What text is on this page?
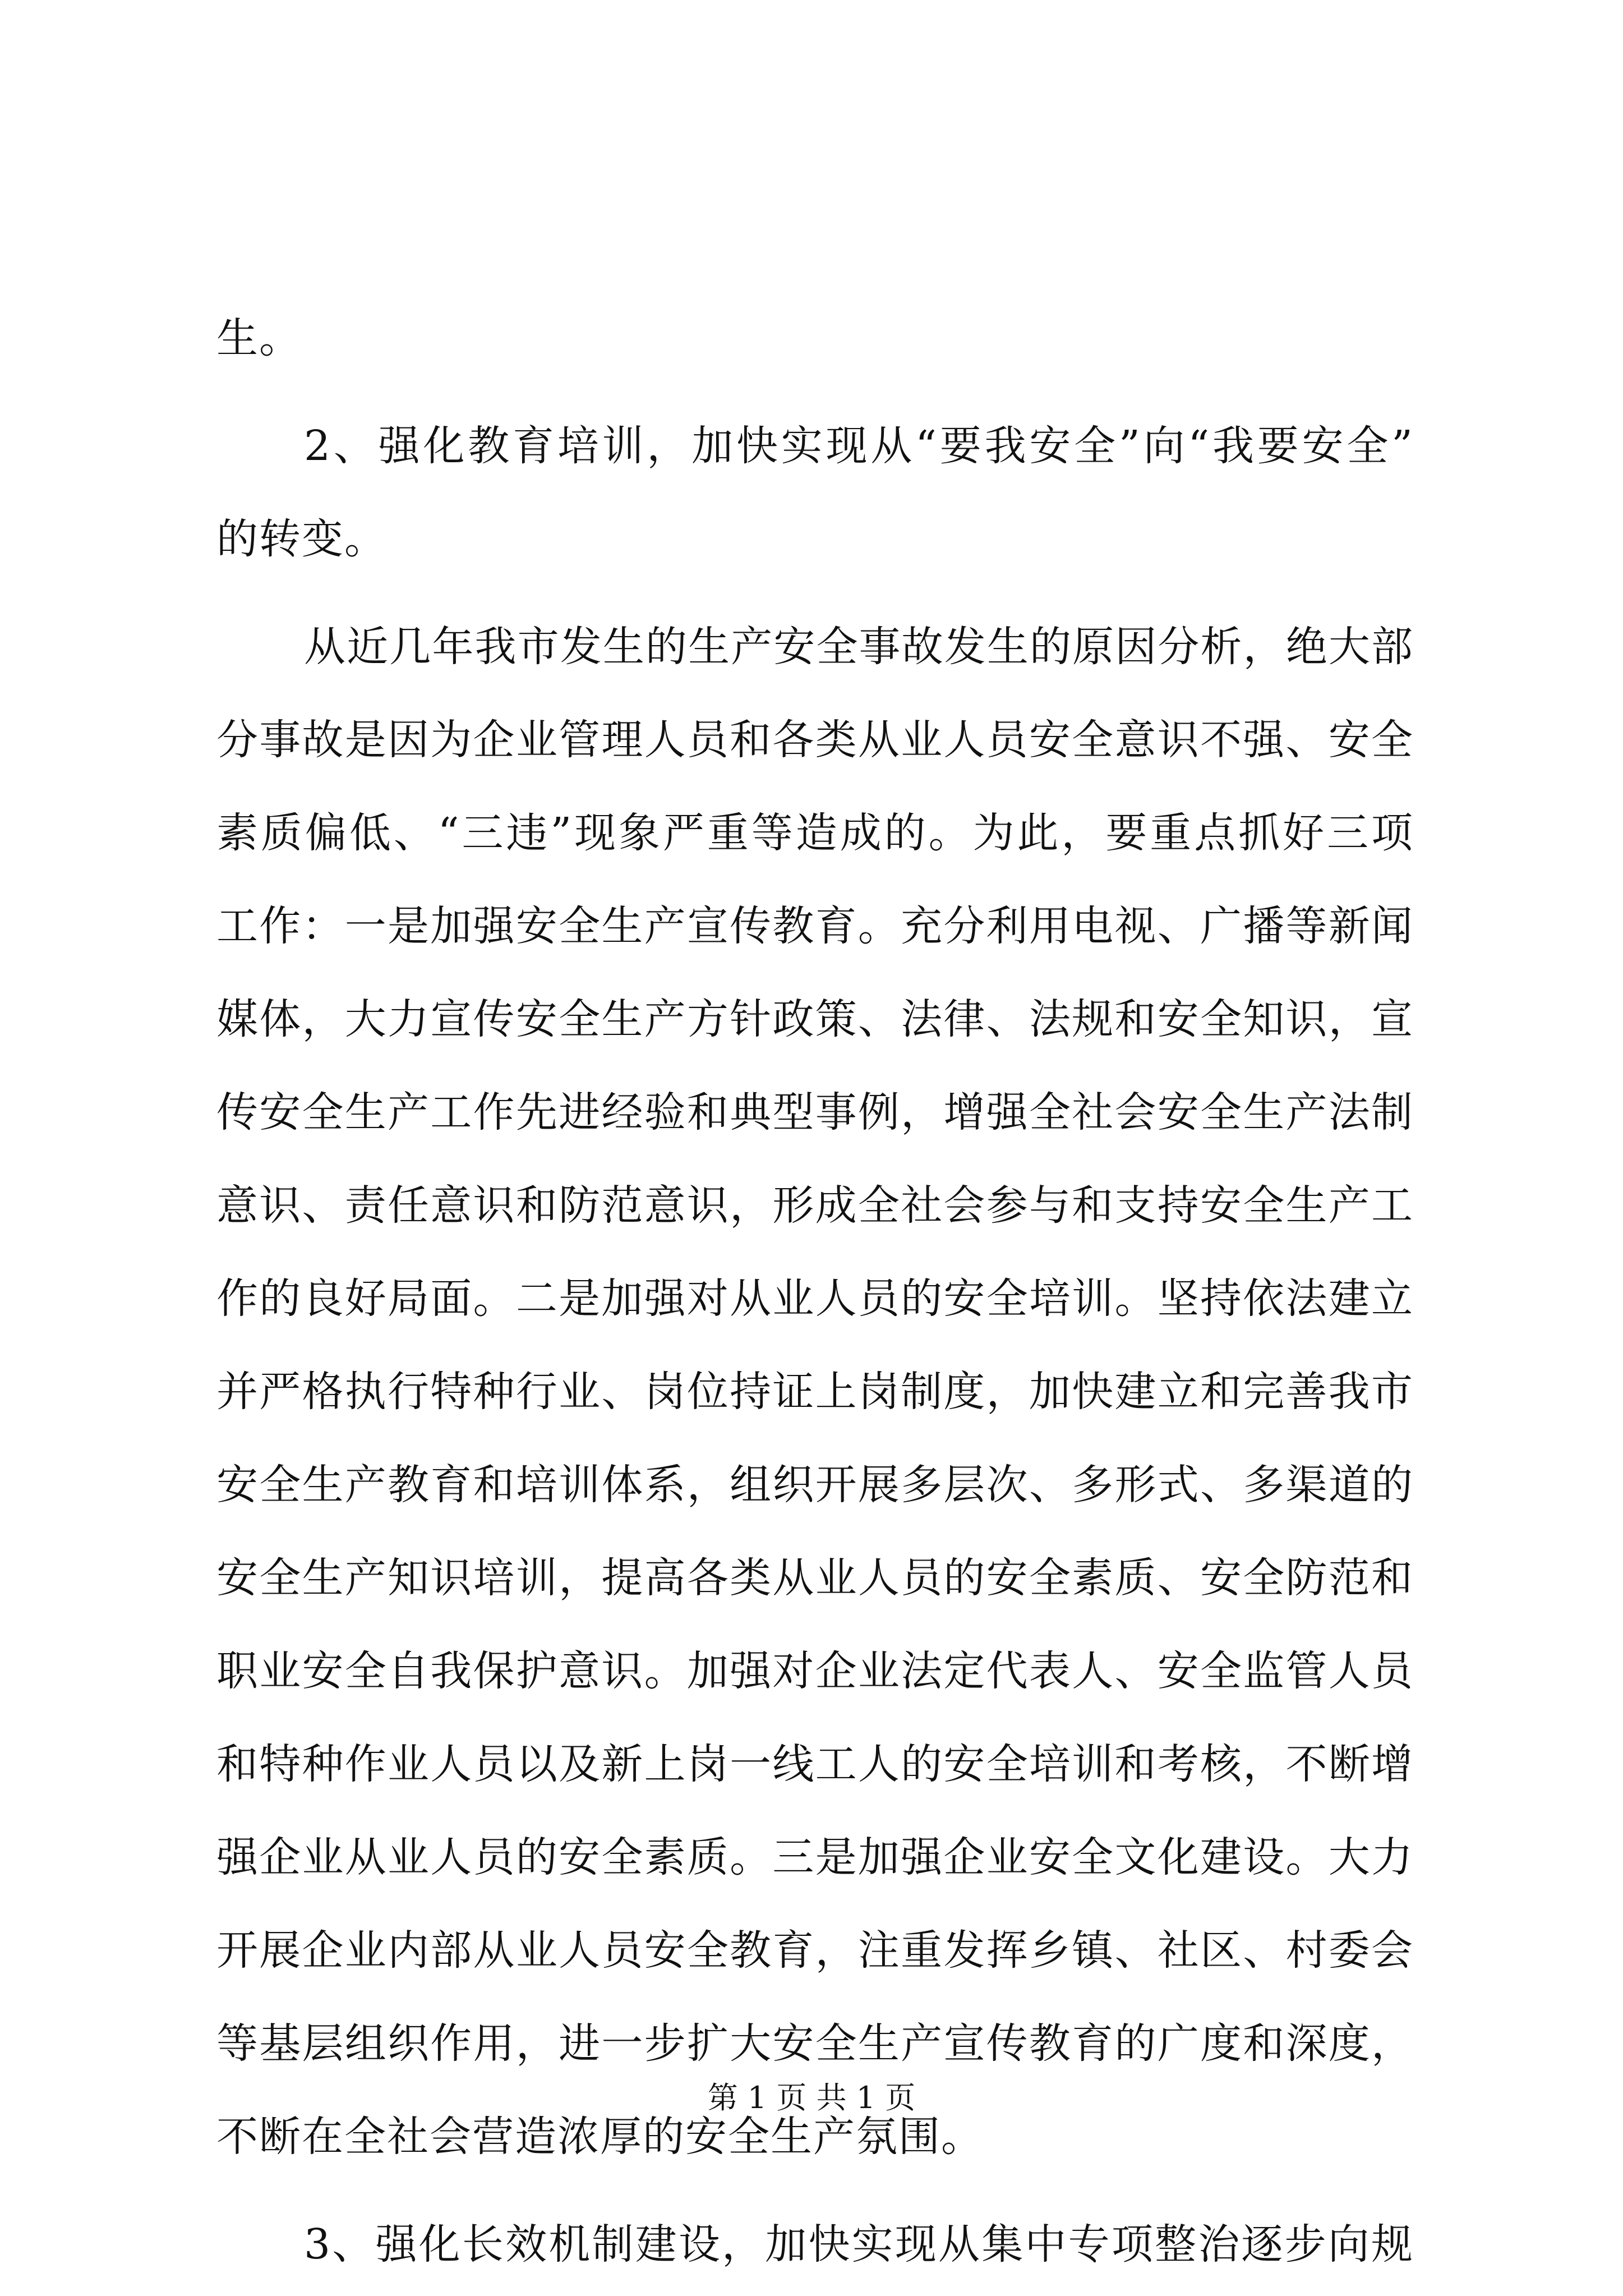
生。
2、强化教育培训，加快实现从“要我安全”向“我要安全”
的转变。
从近几年我市发生的生产安全事故发生的原因分析，绝大部
分事故是因为企业管理人员和各类从业人员安全意识不强、安全
素质偏低、“三违”现象严重等造成的。为此，要重点抓好三项
工作：一是加强安全生产宣传教育。充分利用电视、广播等新闻
媒体，大力宣传安全生产方针政策、法律、法规和安全知识，宣
传安全生产工作先进经验和典型事例，增强全社会安全生产法制
意识、责任意识和防范意识，形成全社会参与和支持安全生产工
作的良好局面。二是加强对从业人员的安全培训。坚持依法建立
并严格执行特种行业、岗位持证上岗制度，加快建立和完善我市
安全生产教育和培训体系，组织开展多层次、多形式、多渠道的
安全生产知识培训，提高各类从业人员的安全素质、安全防范和
职业安全自我保护意识。加强对企业法定代表人、安全监管人员
和特种作业人员以及新上岗一线工人的安全培训和考核，不断增
强企业从业人员的安全素质。三是加强企业安全文化建设。大力
开展企业内部从业人员安全教育，注重发挥乡镇、社区、村委会
等基层组织作用，进一步扩大安全生产宣传教育的广度和深度，
不断在全社会营造浓厚的安全生产氛围。
3、强化长效机制建设，加快实现从集中专项整治逐步向规
第 1 页 共 1 页
